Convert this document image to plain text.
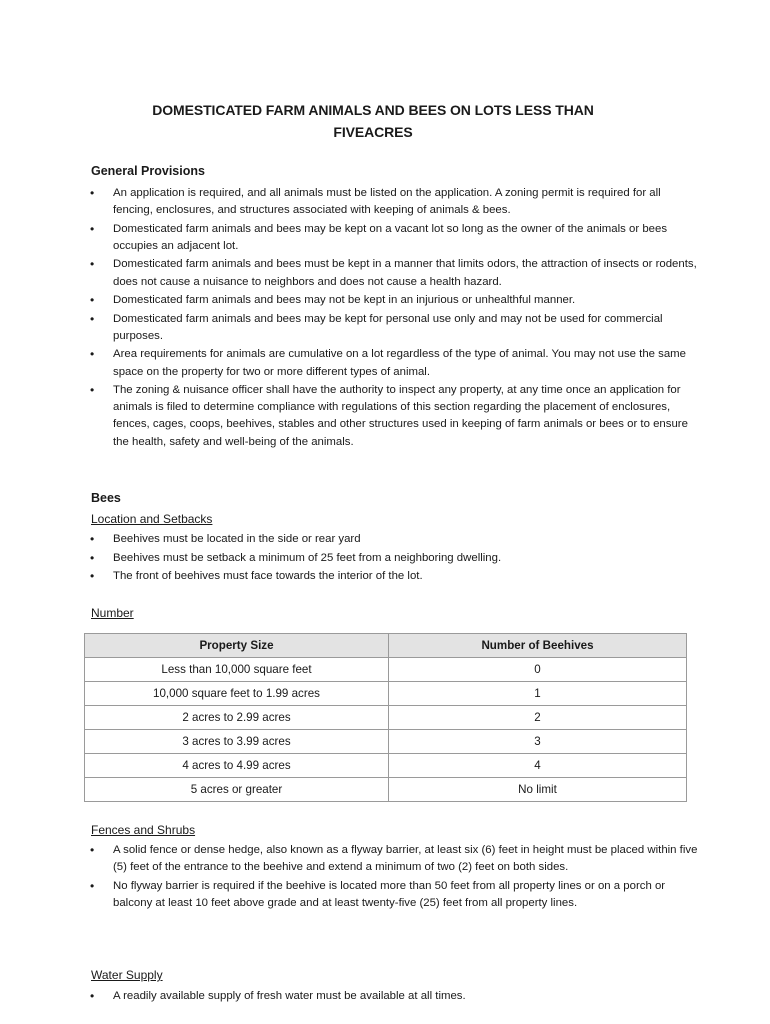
DOMESTICATED FARM ANIMALS AND BEES ON LOTS LESS THAN
FIVEACRES
General Provisions
• An application is required, and all animals must be listed on the application. A zoning permit is required for all fencing, enclosures, and structures associated with keeping of animals & bees.
• Domesticated farm animals and bees may be kept on a vacant lot so long as the owner of the animals or bees occupies an adjacent lot.
• Domesticated farm animals and bees must be kept in a manner that limits odors, the attraction of insects or rodents, does not cause a nuisance to neighbors and does not cause a health hazard.
• Domesticated farm animals and bees may not be kept in an injurious or unhealthful manner.
• Domesticated farm animals and bees may be kept for personal use only and may not be used for commercial purposes.
• Area requirements for animals are cumulative on a lot regardless of the type of animal. You may not use the same space on the property for two or more different types of animal.
• The zoning & nuisance officer shall have the authority to inspect any property, at any time once an application for animals is filed to determine compliance with regulations of this section regarding the placement of enclosures, fences, cages, coops, beehives, stables and other structures used in keeping of farm animals or bees or to ensure the health, safety and well-being of the animals.
Bees
Location and Setbacks
• Beehives must be located in the side or rear yard
• Beehives must be setback a minimum of 25 feet from a neighboring dwelling.
• The front of beehives must face towards the interior of the lot.
Number
Property Size	Number of Beehives
Less than 10,000 square feet	0
10,000 square feet to 1.99 acres	1
2 acres to 2.99 acres	2
3 acres to 3.99 acres	3
4 acres to 4.99 acres	4
5 acres or greater	No limit
Fences and Shrubs
• A solid fence or dense hedge, also known as a flyway barrier, at least six (6) feet in height must be placed within five (5) feet of the entrance to the beehive and extend a minimum of two (2) feet on both sides.
• No flyway barrier is required if the beehive is located more than 50 feet from all property lines or on a porch or balcony at least 10 feet above grade and at least twenty-five (25) feet from all property lines.
Water Supply
• A readily available supply of fresh water must be available at all times.
